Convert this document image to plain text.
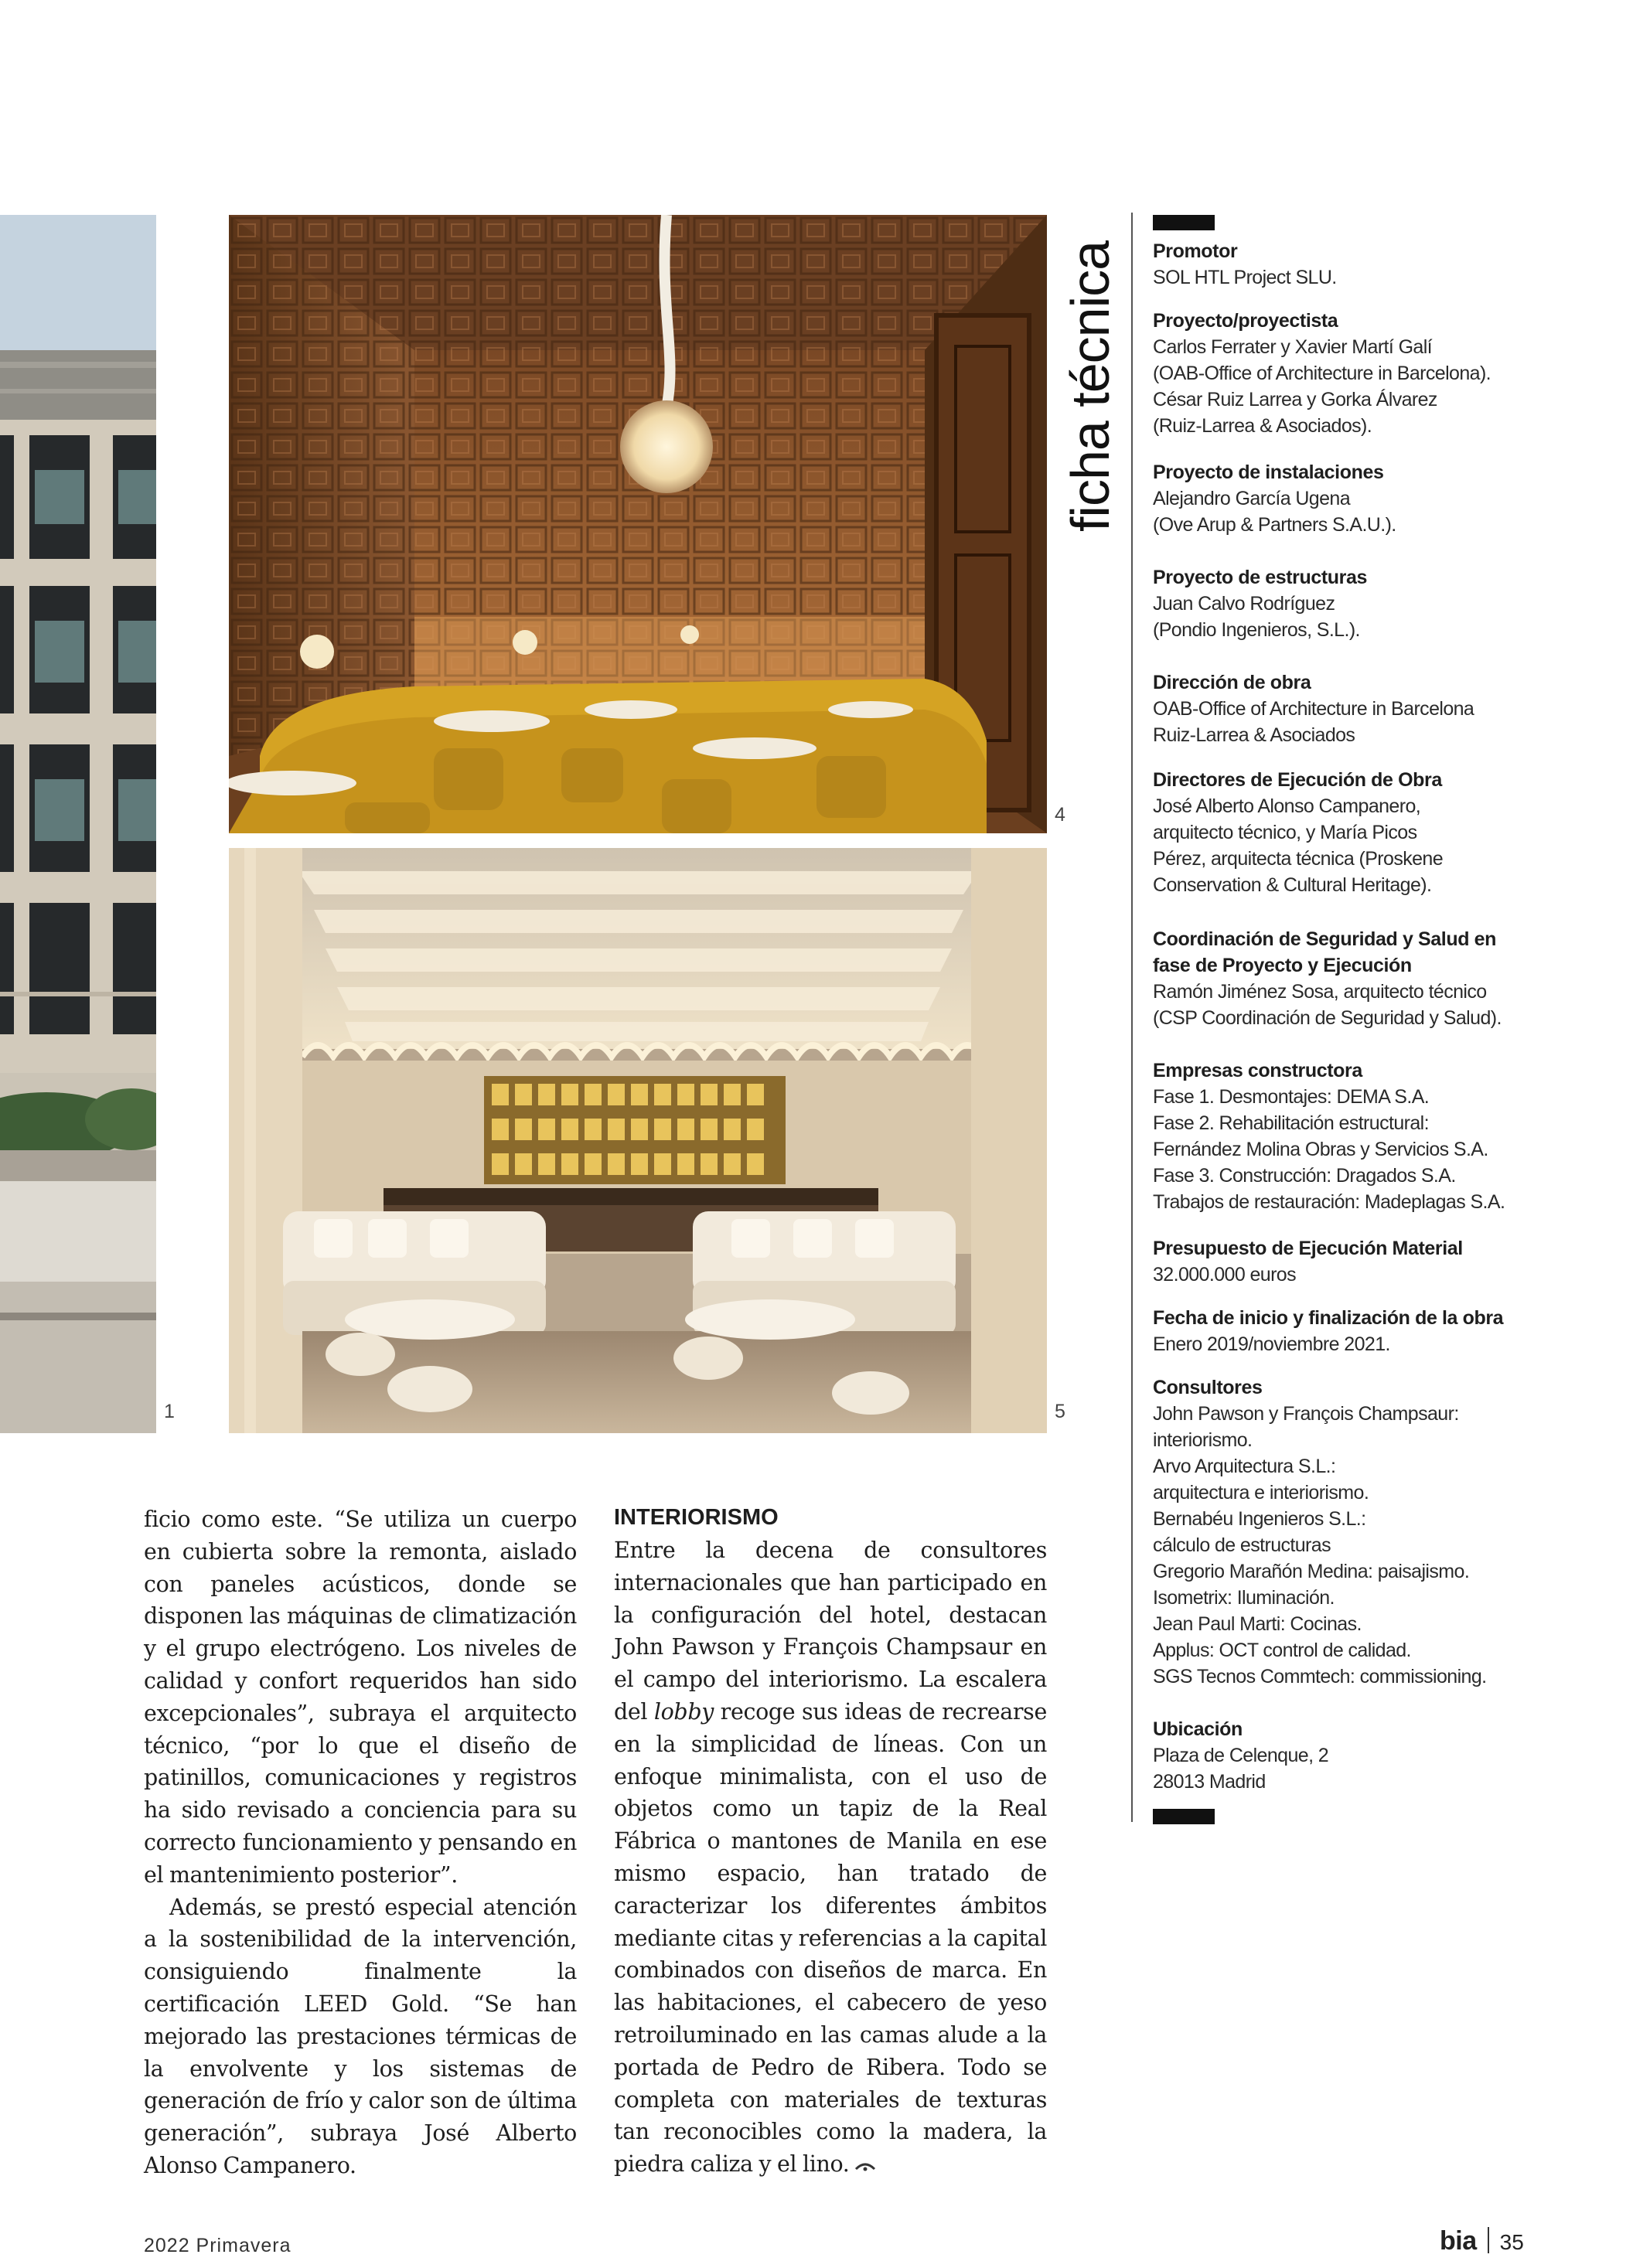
1
4
5

ficio como este. “Se utiliza un cuerpo en cubierta sobre la remonta, aislado con paneles acústicos, donde se disponen las máquinas de climatización y el grupo electrógeno. Los niveles de calidad y confort requeridos han sido excepcionales”, subraya el arquitecto técnico, “por lo que el diseño de patinillos, comunicaciones y registros ha sido revisado a conciencia para su correcto funcionamiento y pensando en el mantenimiento posterior”.

Además, se prestó especial atención a la sostenibilidad de la intervención, consiguiendo finalmente la certificación LEED Gold. “Se han mejorado las prestaciones térmicas de la envolvente y los sistemas de generación de frío y calor son de última generación”, subraya José Alberto Alonso Campanero.

INTERIORISMO

Entre la decena de consultores internacionales que han participado en la configuración del hotel, destacan John Pawson y François Champsaur en el campo del interiorismo. La escalera del lobby recoge sus ideas de recrearse en la simplicidad de líneas. Con un enfoque minimalista, con el uso de objetos como un tapiz de la Real Fábrica o mantones de Manila en ese mismo espacio, han tratado de caracterizar los diferentes ámbitos mediante citas y referencias a la capital combinados con diseños de marca. En las habitaciones, el cabecero de yeso retroiluminado en las camas alude a la portada de Pedro de Ribera. Todo se completa con materiales de texturas tan reconocibles como la madera, la piedra caliza y el lino.

ficha técnica Promotor
SOL HTL Project SLU.
Proyecto/proyectista
Carlos Ferrater y Xavier Martí Galí
(OAB-Office of Architecture in Barcelona).
César Ruiz Larrea y Gorka Álvarez
(Ruiz-Larrea & Asociados).
Proyecto de instalaciones
Alejandro García Ugena
(Ove Arup & Partners S.A.U.).
Proyecto de estructuras
Juan Calvo Rodríguez
(Pondio Ingenieros, S.L.).
Dirección de obra
OAB-Office of Architecture in Barcelona
Ruiz-Larrea & Asociados
Directores de Ejecución de Obra
José Alberto Alonso Campanero,
arquitecto técnico, y María Picos
Pérez, arquitecta técnica (Proskene
Conservation & Cultural Heritage).
Coordinación de Seguridad y Salud en
fase de Proyecto y Ejecución
Ramón Jiménez Sosa, arquitecto técnico
(CSP Coordinación de Seguridad y Salud).
Empresas constructora
Fase 1. Desmontajes: DEMA S.A.
Fase 2. Rehabilitación estructural:
Fernández Molina Obras y Servicios S.A.
Fase 3. Construcción: Dragados S.A.
Trabajos de restauración: Madeplagas S.A.
Presupuesto de Ejecución Material
32.000.000 euros
Fecha de inicio y finalización de la obra
Enero 2019/noviembre 2021.
Consultores
John Pawson y François Champsaur:
interiorismo.
Arvo Arquitectura S.L.:
arquitectura e interiorismo.
Bernabéu Ingenieros S.L.:
cálculo de estructuras
Gregorio Marañón Medina: paisajismo.
Isometrix: Iluminación.
Jean Paul Marti: Cocinas.
Applus: OCT control de calidad.
SGS Tecnos Commtech: commissioning.
Ubicación
Plaza de Celenque, 2
28013 Madrid
2022 Primavera	bia 35
